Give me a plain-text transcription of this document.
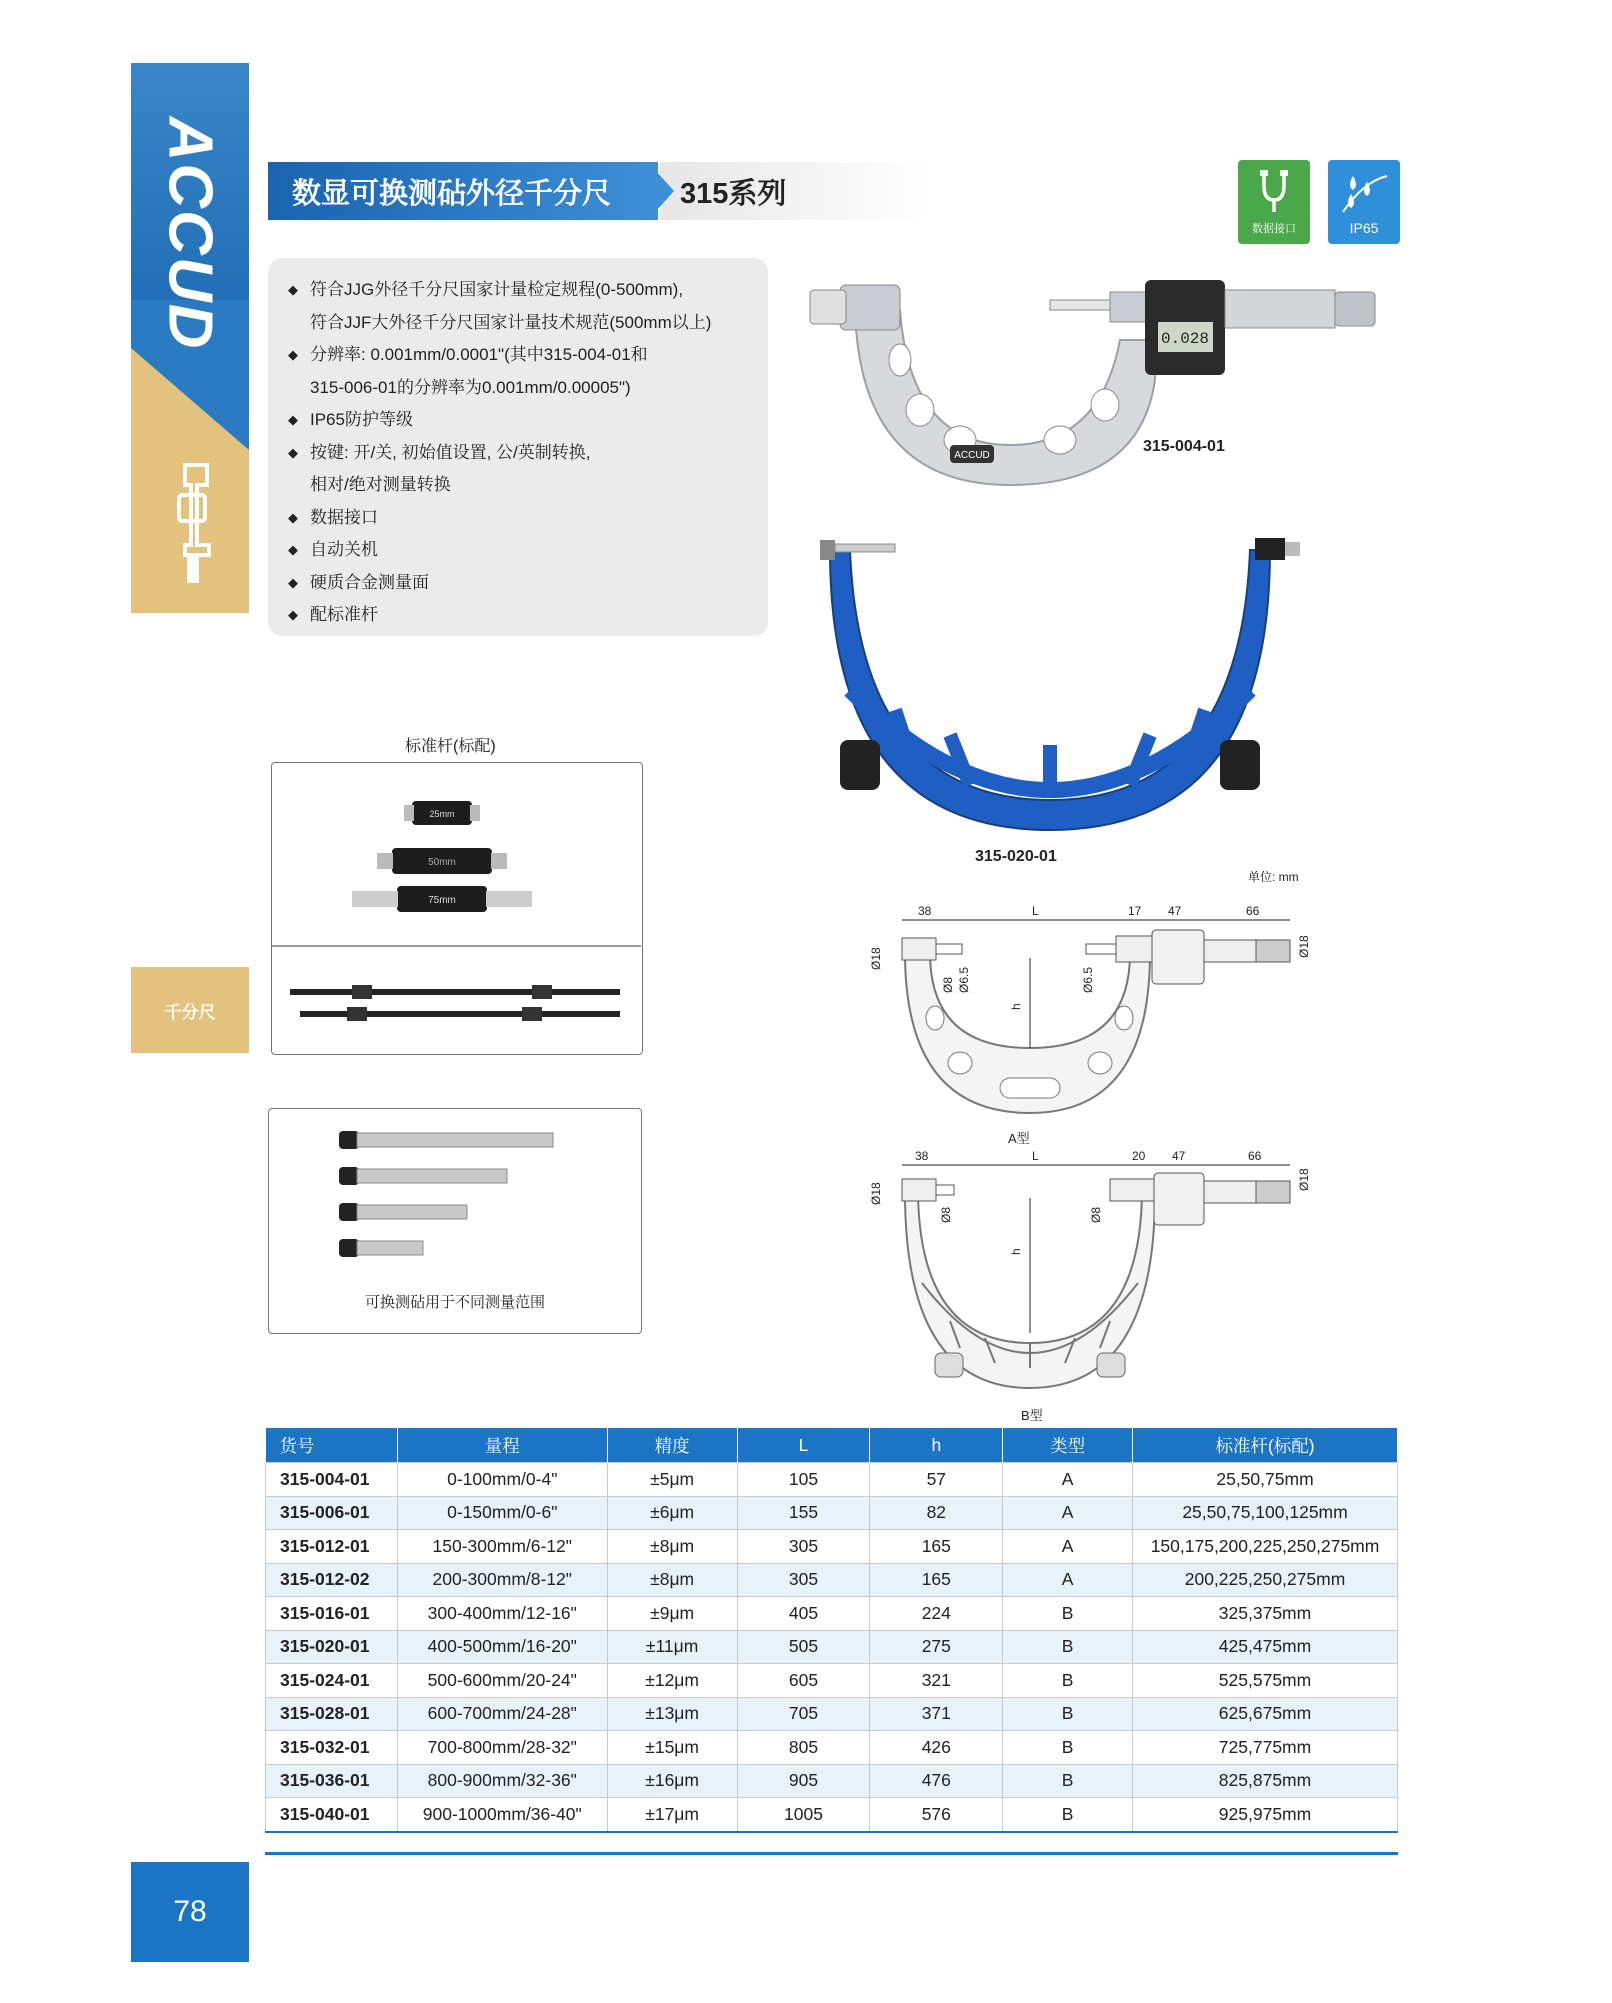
ACCUD
千分尺
78
数显可换测砧外径千分尺	315系列
数据接口	IP65
◆ 符合JJG外径千分尺国家计量检定规程(0-500mm),
符合JJF大外径千分尺国家计量技术规范(500mm以上)
◆ 分辨率: 0.001mm/0.0001"(其中315-004-01和
315-006-01的分辨率为0.001mm/0.00005")
◆ IP65防护等级
◆ 按键: 开/关, 初始值设置, 公/英制转换,
相对/绝对测量转换
◆ 数据接口
◆ 自动关机
◆ 硬质合金测量面
◆ 配标准杆
0.028
ACCUD
315-004-01
315-020-01
单位: mm
标准杆(标配)
25mm
50mm
75mm
可换测砧用于不同测量范围
38	L	17 47	66
Ø18
Ø18
Ø8 Ø6.5	Ø6.5
h
A型
38	L	20 47	66
Ø18
Ø18
Ø8	Ø8
h
B型
货号	量程	精度	L	h	类型	标准杆(标配)
315-004-01	0-100mm/0-4"	±5μm	105	57	A	25,50,75mm
315-006-01	0-150mm/0-6"	±6μm	155	82	A	25,50,75,100,125mm
315-012-01	150-300mm/6-12"	±8μm	305	165	A	150,175,200,225,250,275mm
315-012-02	200-300mm/8-12"	±8μm	305	165	A	200,225,250,275mm
315-016-01	300-400mm/12-16"	±9μm	405	224	B	325,375mm
315-020-01	400-500mm/16-20"	±11μm	505	275	B	425,475mm
315-024-01	500-600mm/20-24"	±12μm	605	321	B	525,575mm
315-028-01	600-700mm/24-28"	±13μm	705	371	B	625,675mm
315-032-01	700-800mm/28-32"	±15μm	805	426	B	725,775mm
315-036-01	800-900mm/32-36"	±16μm	905	476	B	825,875mm
315-040-01	900-1000mm/36-40"	±17μm	1005	576	B	925,975mm
